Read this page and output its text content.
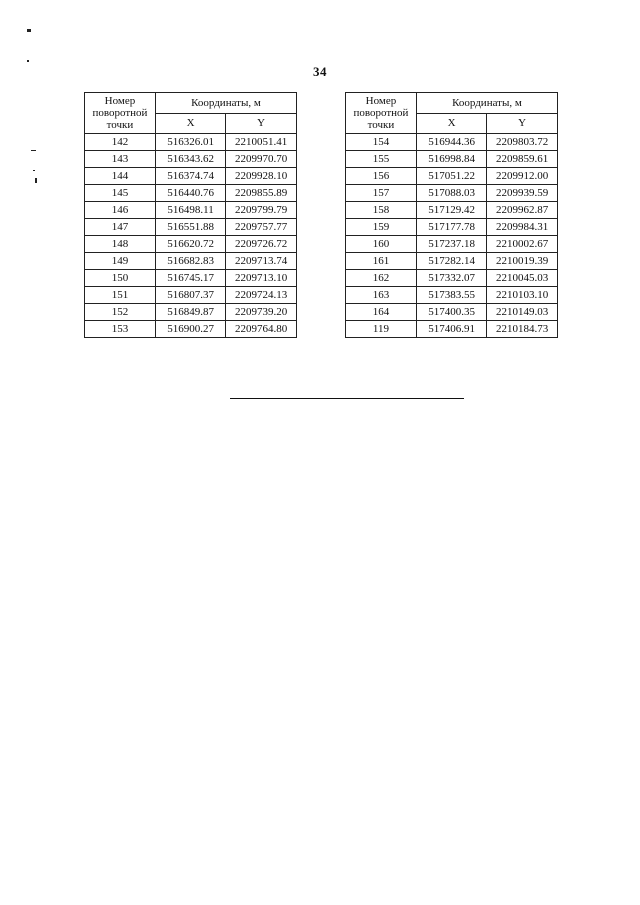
34
Номер поворотной точки	Координаты, м	
	X	Y
142	516326.01	2210051.41
143	516343.62	2209970.70
144	516374.74	2209928.10
145	516440.76	2209855.89
146	516498.11	2209799.79
147	516551.88	2209757.77
148	516620.72	2209726.72
149	516682.83	2209713.74
150	516745.17	2209713.10
151	516807.37	2209724.13
152	516849.87	2209739.20
153	516900.27	2209764.80
Номер поворотной точки	Координаты, м	
	X	Y
154	516944.36	2209803.72
155	516998.84	2209859.61
156	517051.22	2209912.00
157	517088.03	2209939.59
158	517129.42	2209962.87
159	517177.78	2209984.31
160	517237.18	2210002.67
161	517282.14	2210019.39
162	517332.07	2210045.03
163	517383.55	2210103.10
164	517400.35	2210149.03
119	517406.91	2210184.73
